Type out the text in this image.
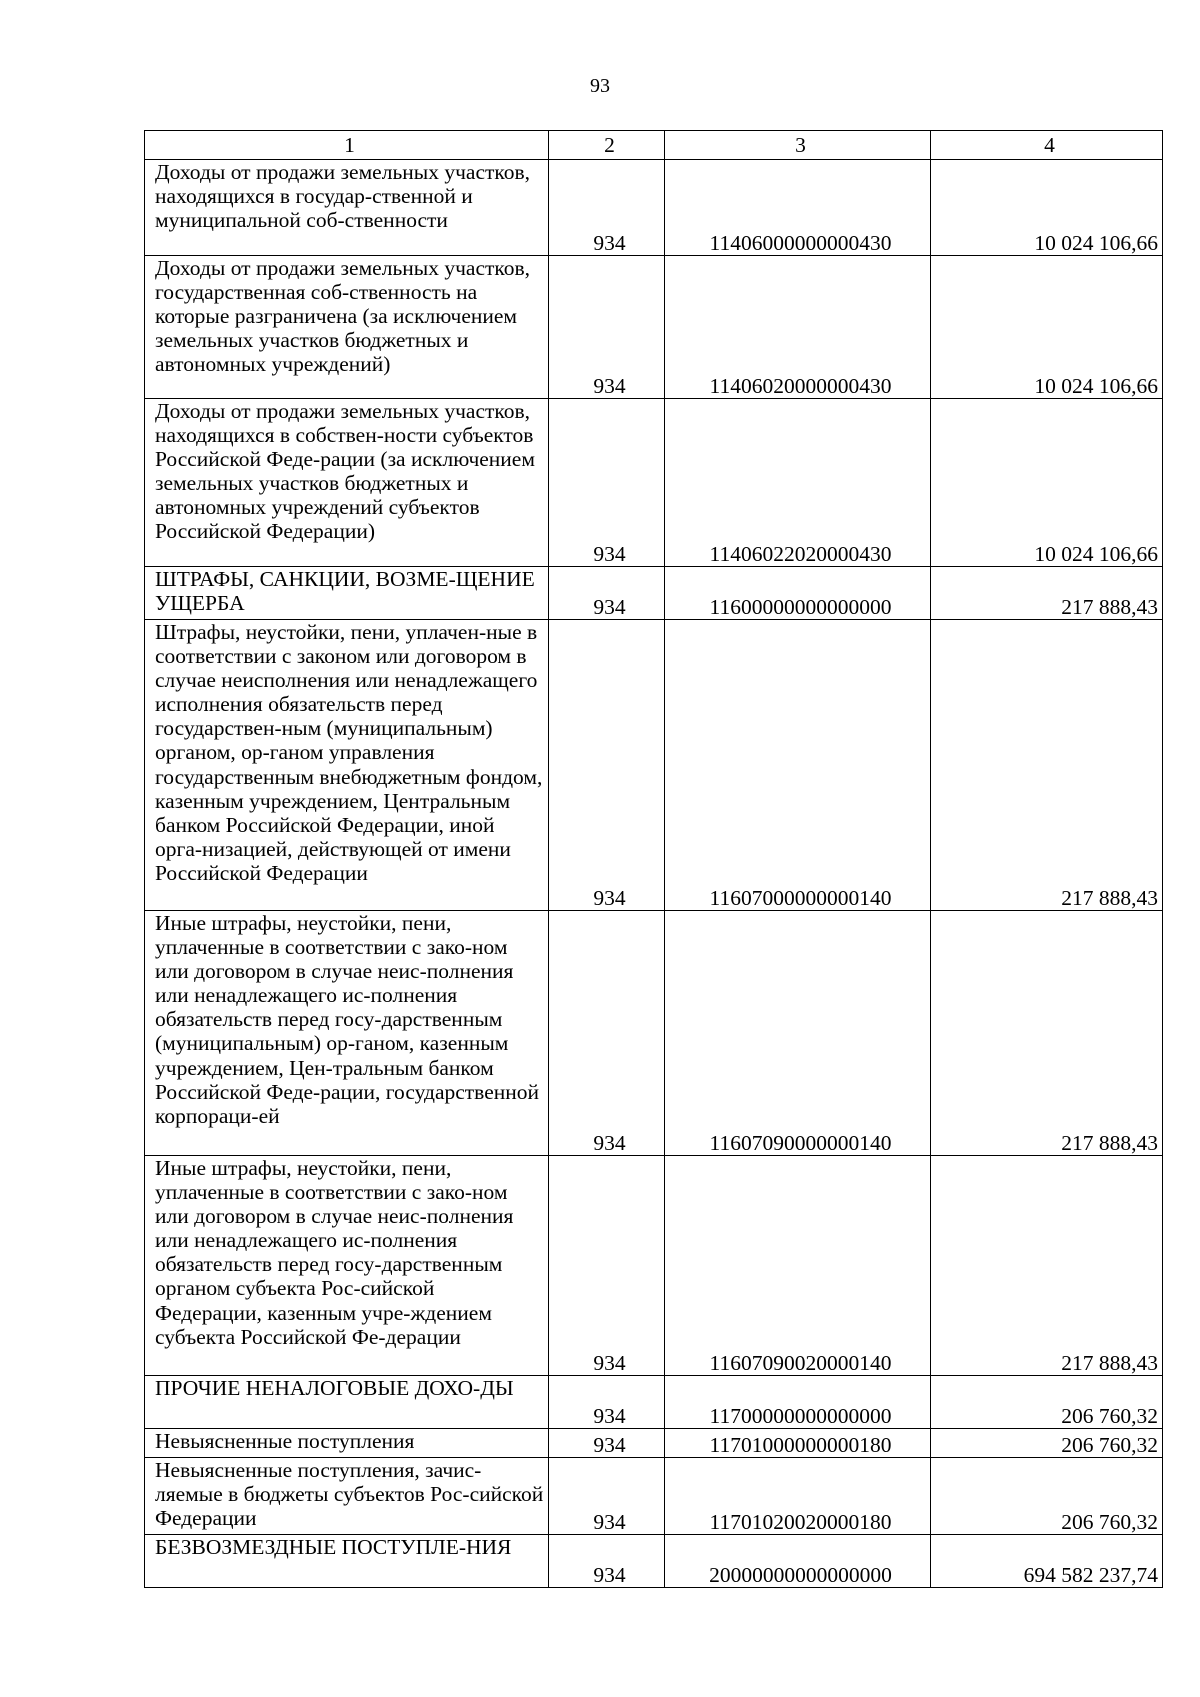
93
1	2	3	4
Доходы от продажи земельных участков, находящихся в государ-ственной и муниципальной соб-ственности	934	11406000000000430	10 024 106,66
Доходы от продажи земельных участков, государственная соб-ственность на которые разграничена (за исключением земельных участков бюджетных и автономных учреждений)	934	11406020000000430	10 024 106,66
Доходы от продажи земельных участков, находящихся в собствен-ности субъектов Российской Феде-рации (за исключением земельных участков бюджетных и автономных учреждений субъектов Российской Федерации)	934	11406022020000430	10 024 106,66
ШТРАФЫ, САНКЦИИ, ВОЗМЕ-ЩЕНИЕ УЩЕРБА	934	11600000000000000	217 888,43
Штрафы, неустойки, пени, уплачен-ные в соответствии с законом или договором в случае неисполнения или ненадлежащего исполнения обязательств перед государствен-ным (муниципальным) органом, ор-ганом управления государственным внебюджетным фондом, казенным учреждением, Центральным банком Российской Федерации, иной орга-низацией, действующей от имени Российской Федерации	934	11607000000000140	217 888,43
Иные штрафы, неустойки, пени, уплаченные в соответствии с зако-ном или договором в случае неис-полнения или ненадлежащего ис-полнения обязательств перед госу-дарственным (муниципальным) ор-ганом, казенным учреждением, Цен-тральным банком Российской Феде-рации, государственной корпораци-ей	934	11607090000000140	217 888,43
Иные штрафы, неустойки, пени, уплаченные в соответствии с зако-ном или договором в случае неис-полнения или ненадлежащего ис-полнения обязательств перед госу-дарственным органом субъекта Рос-сийской Федерации, казенным учре-ждением субъекта Российской Фе-дерации	934	11607090020000140	217 888,43
ПРОЧИЕ НЕНАЛОГОВЫЕ ДОХО-ДЫ	934	11700000000000000	206 760,32
Невыясненные поступления	934	11701000000000180	206 760,32
Невыясненные поступления, зачис-ляемые в бюджеты субъектов Рос-сийской Федерации	934	11701020020000180	206 760,32
БЕЗВОЗМЕЗДНЫЕ ПОСТУПЛЕ-НИЯ	934	20000000000000000	694 582 237,74
